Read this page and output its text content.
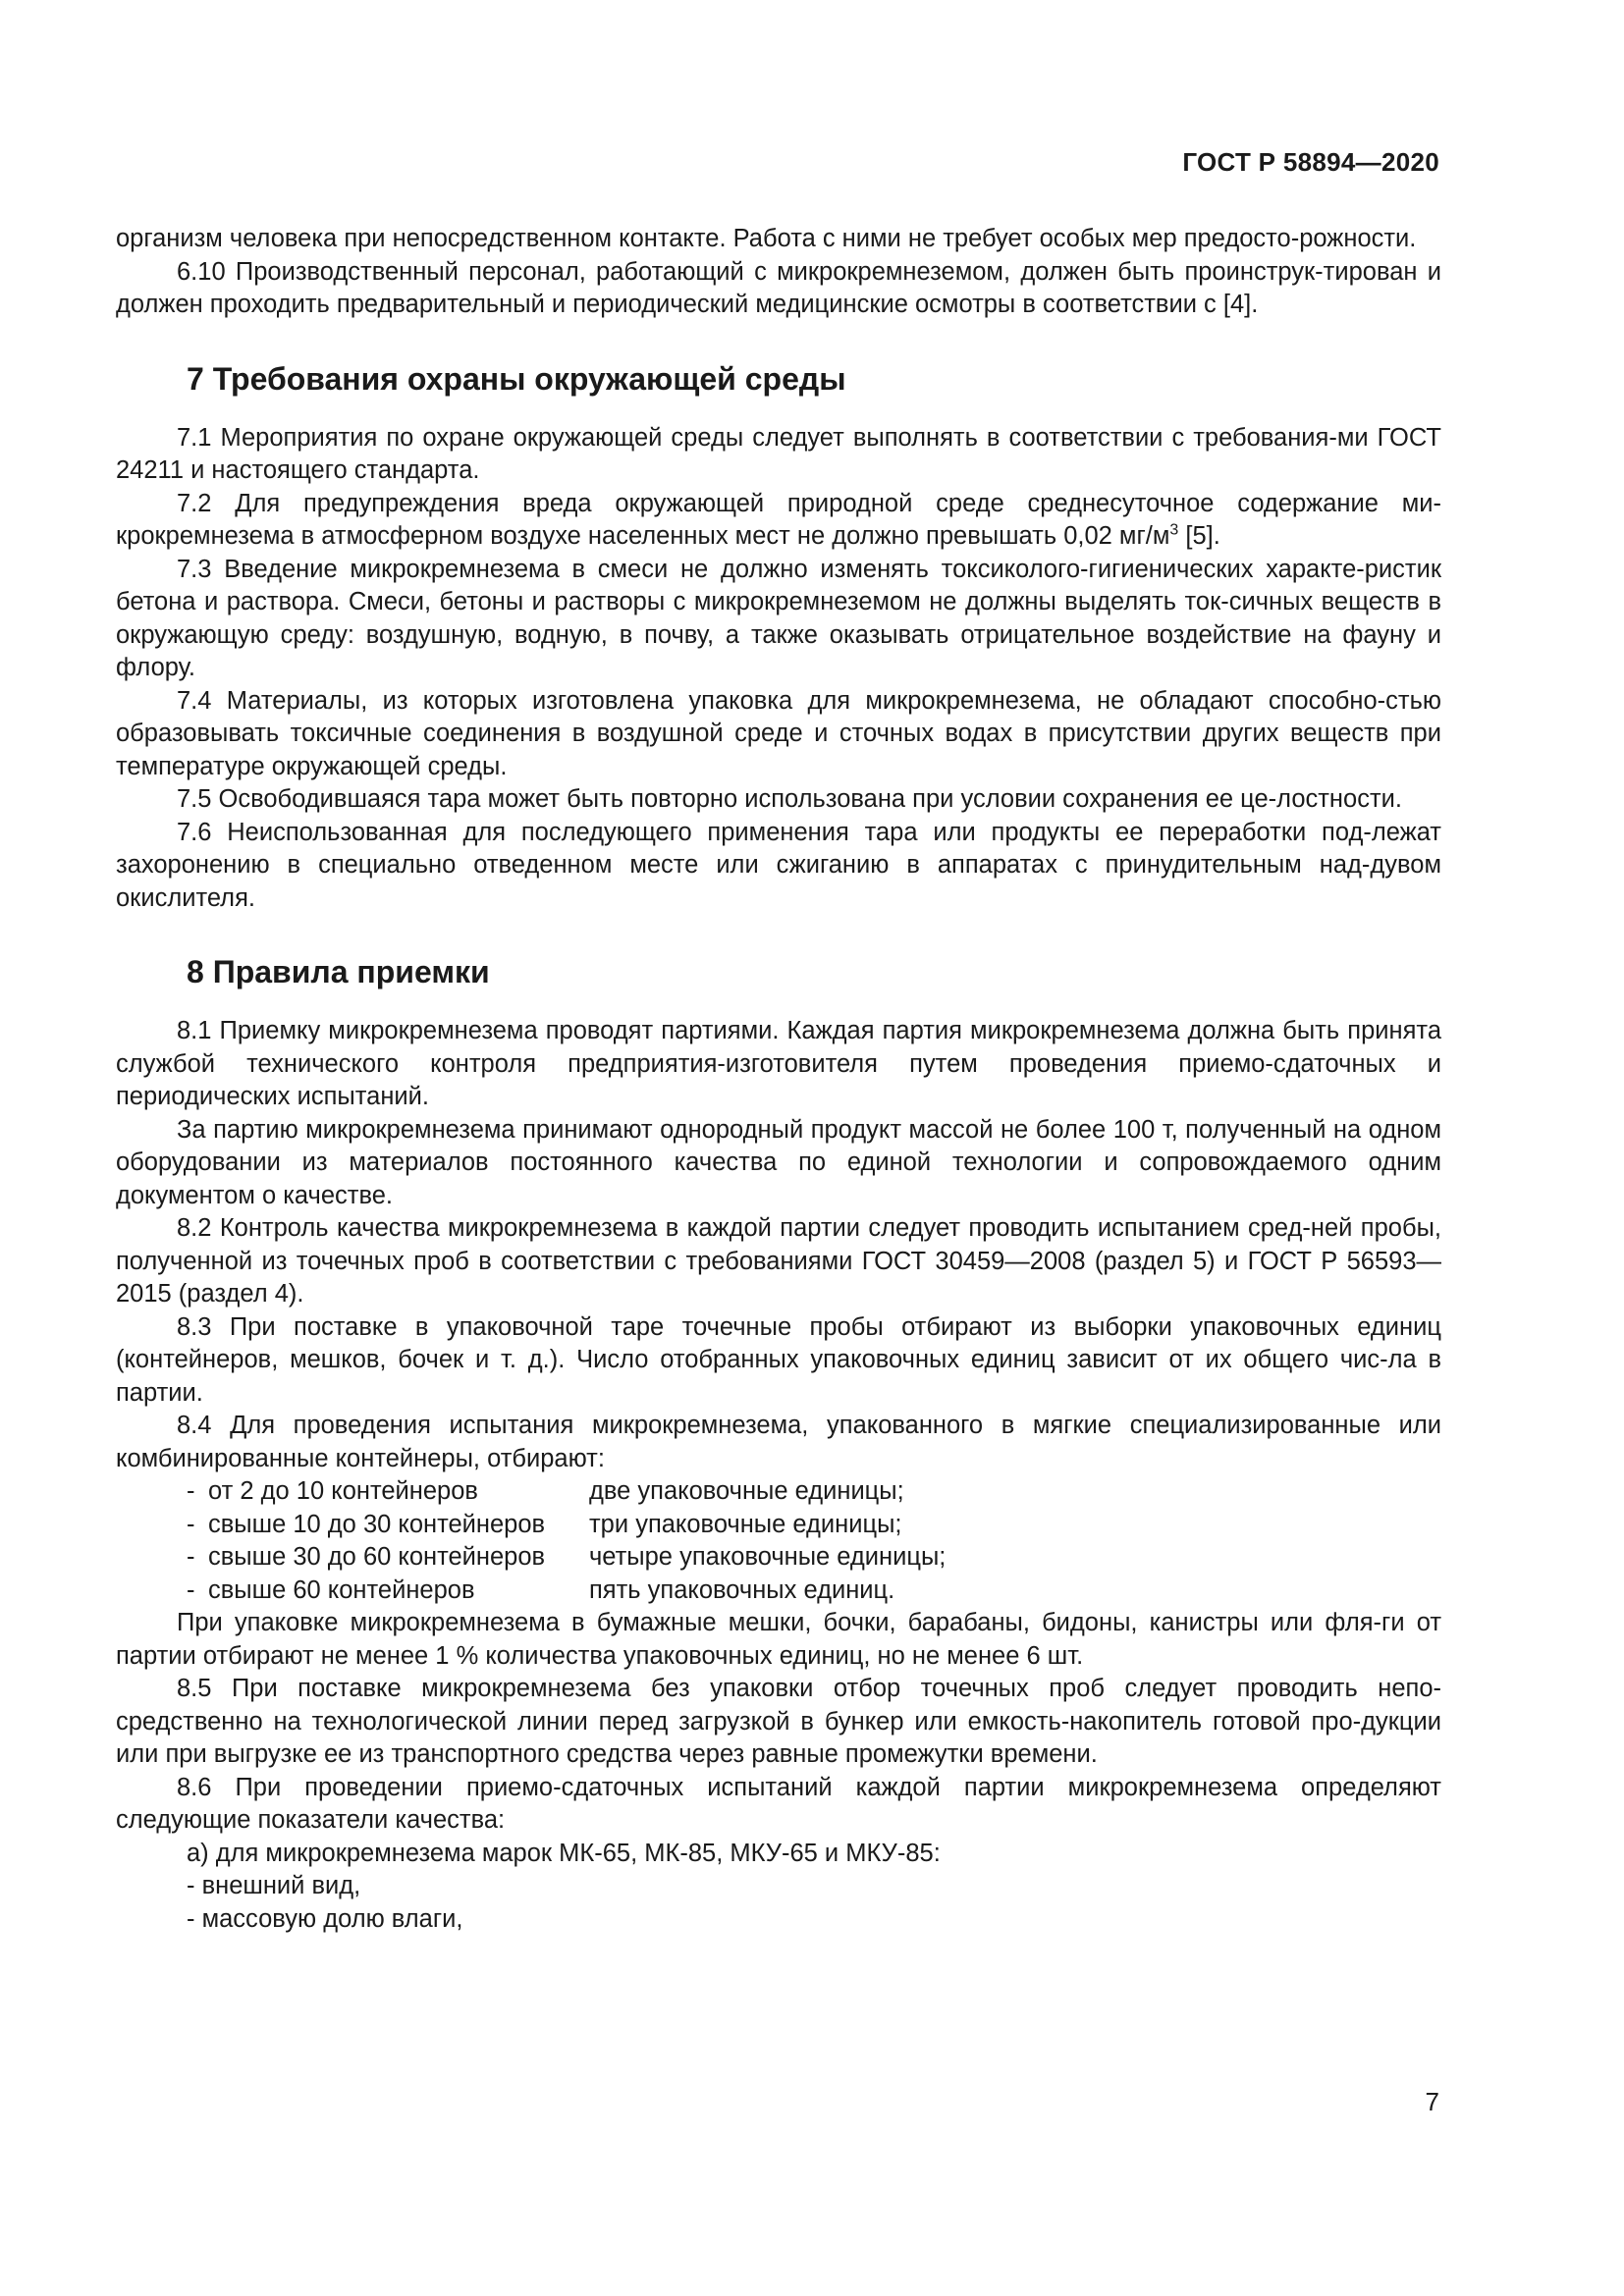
ГОСТ Р 58894—2020

организм человека при непосредственном контакте. Работа с ними не требует особых мер предосто-рожности.

6.10 Производственный персонал, работающий с микрокремнеземом, должен быть проинструк-тирован и должен проходить предварительный и периодический медицинские осмотры в соответствии с [4].

7 Требования охраны окружающей среды

7.1 Мероприятия по охране окружающей среды следует выполнять в соответствии с требования-ми ГОСТ 24211 и настоящего стандарта.

7.2 Для предупреждения вреда окружающей природной среде среднесуточное содержание ми-крокремнезема в атмосферном воздухе населенных мест не должно превышать 0,02 $мг/м^3$ [5].

7.3 Введение микрокремнезема в смеси не должно изменять токсиколого-гигиенических характе-ристик бетона и раствора. Смеси, бетоны и растворы с микрокремнеземом не должны выделять ток-сичных веществ в окружающую среду: воздушную, водную, в почву, а также оказывать отрицательное воздействие на фауну и флору.

7.4 Материалы, из которых изготовлена упаковка для микрокремнезема, не обладают способно-стью образовывать токсичные соединения в воздушной среде и сточных водах в присутствии других веществ при температуре окружающей среды.

7.5 Освободившаяся тара может быть повторно использована при условии сохранения ее це-лостности.

7.6 Неиспользованная для последующего применения тара или продукты ее переработки под-лежат захоронению в специально отведенном месте или сжиганию в аппаратах с принудительным над-дувом окислителя.

8 Правила приемки

8.1 Приемку микрокремнезема проводят партиями. Каждая партия микрокремнезема должна быть принята службой технического контроля предприятия-изготовителя путем проведения приемо-сдаточных и периодических испытаний.

За партию микрокремнезема принимают однородный продукт массой не более 100 т, полученный на одном оборудовании из материалов постоянного качества по единой технологии и сопровождаемого одним документом о качестве.

8.2 Контроль качества микрокремнезема в каждой партии следует проводить испытанием сред-ней пробы, полученной из точечных проб в соответствии с требованиями ГОСТ 30459—2008 (раздел 5) и ГОСТ Р 56593—2015 (раздел 4).

8.3 При поставке в упаковочной таре точечные пробы отбирают из выборки упаковочных единиц (контейнеров, мешков, бочек и т. д.). Число отобранных упаковочных единиц зависит от их общего чис-ла в партии.

8.4 Для проведения испытания микрокремнезема, упакованного в мягкие специализированные или комбинированные контейнеры, отбирают:

- от 2 до 10 контейнеров	две упаковочные единицы;
- свыше 10 до 30 контейнеров	три упаковочные единицы;
- свыше 30 до 60 контейнеров	четыре упаковочные единицы;
- свыше 60 контейнеров	пять упаковочных единиц.

При упаковке микрокремнезема в бумажные мешки, бочки, барабаны, бидоны, канистры или фля-ги от партии отбирают не менее 1 % количества упаковочных единиц, но не менее 6 шт.

8.5 При поставке микрокремнезема без упаковки отбор точечных проб следует проводить непо-средственно на технологической линии перед загрузкой в бункер или емкость-накопитель готовой про-дукции или при выгрузке ее из транспортного средства через равные промежутки времени.

8.6 При проведении приемо-сдаточных испытаний каждой партии микрокремнезема определяют следующие показатели качества:

а) для микрокремнезема марок МК-65, МК-85, МКУ-65 и МКУ-85:
- внешний вид,
- массовую долю влаги,
7
